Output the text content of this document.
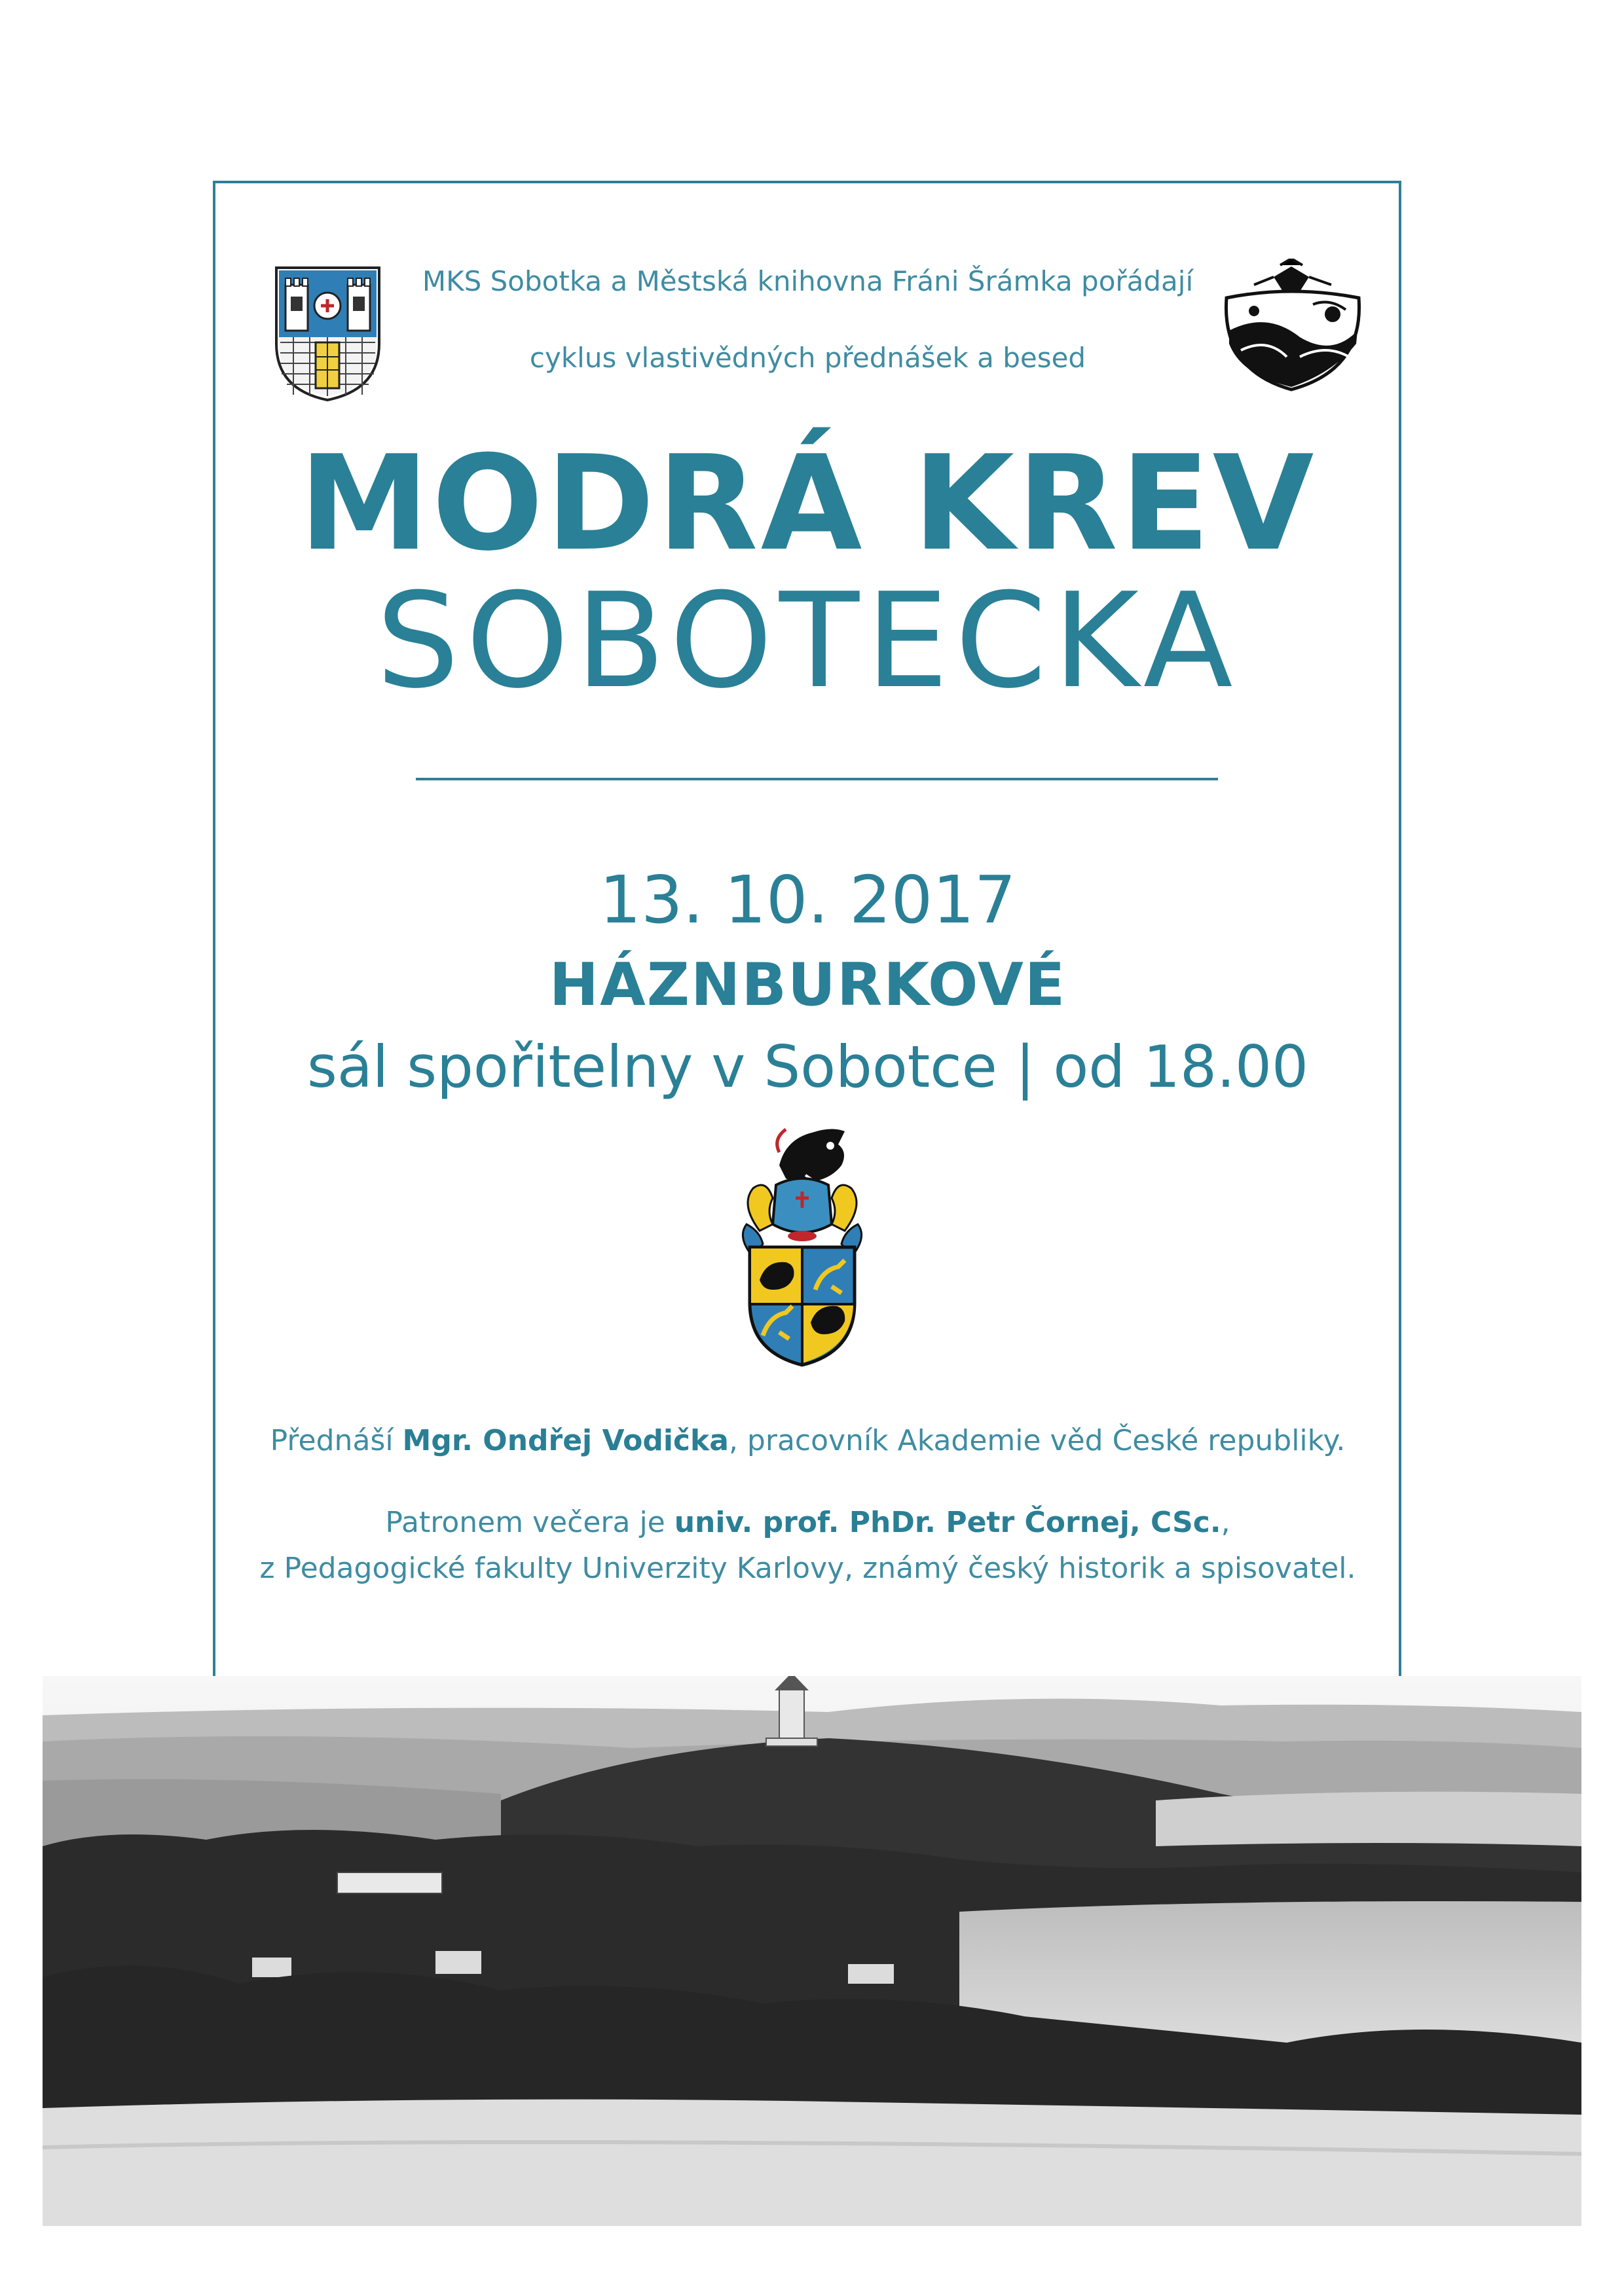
MKS Sobotka a Městská knihovna Fráni Šrámka pořádají
cyklus vlastivědných přednášek a besed
MODRÁ KREV
SOBOTECKA
13. 10. 2017
HÁZNBURKOVÉ
sál spořitelny v Sobotce | od 18.00
Přednáší Mgr. Ondřej Vodička, pracovník Akademie věd České republiky.
Patronem večera je univ. prof. PhDr. Petr Čornej, CSc.,
z Pedagogické fakulty Univerzity Karlovy, známý český historik a spisovatel.
